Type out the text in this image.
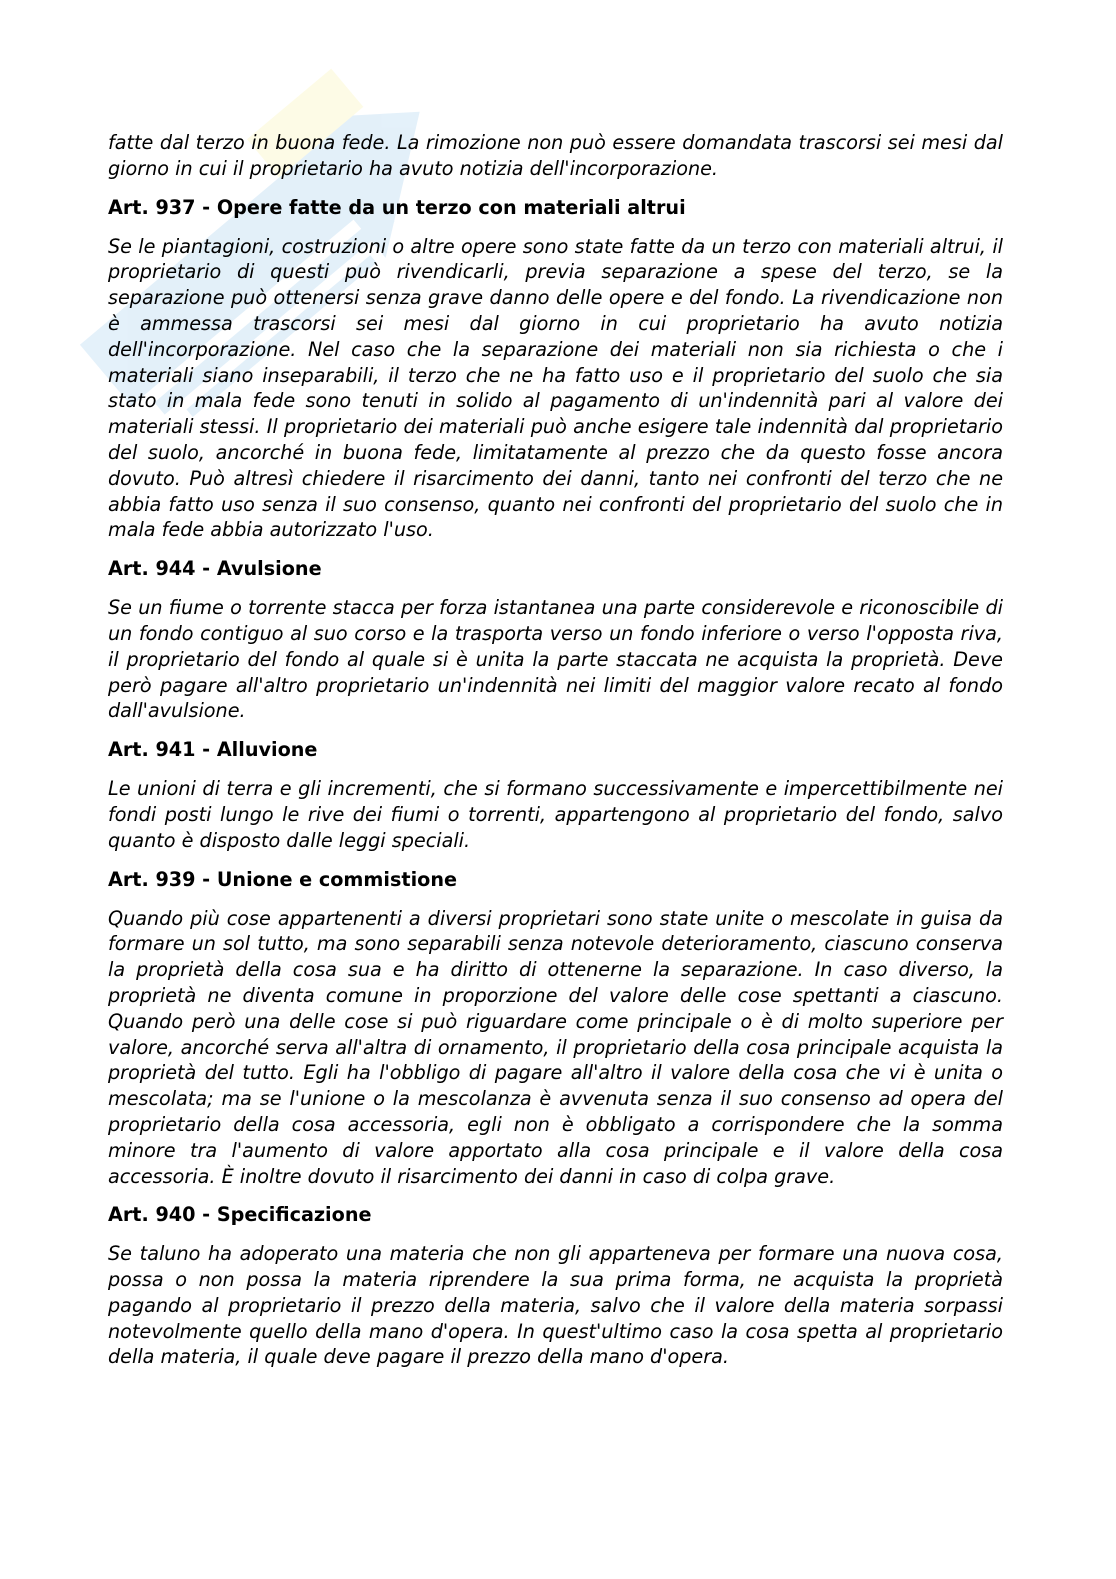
fatte dal terzo in buona fede. La rimozione non può essere domandata trascorsi sei mesi dal giorno in cui il proprietario ha avuto notizia dell'incorporazione.

Art. 937 - Opere fatte da un terzo con materiali altrui

Se le piantagioni, costruzioni o altre opere sono state fatte da un terzo con materiali altrui, il proprietario di questi può rivendicarli, previa separazione a spese del terzo, se la separazione può ottenersi senza grave danno delle opere e del fondo. La rivendicazione non è ammessa trascorsi sei mesi dal giorno in cui proprietario ha avuto notizia dell'incorporazione. Nel caso che la separazione dei materiali non sia richiesta o che i materiali siano inseparabili, il terzo che ne ha fatto uso e il proprietario del suolo che sia stato in mala fede sono tenuti in solido al pagamento di un'indennità pari al valore dei materiali stessi. Il proprietario dei materiali può anche esigere tale indennità dal proprietario del suolo, ancorché in buona fede, limitatamente al prezzo che da questo fosse ancora dovuto. Può altresì chiedere il risarcimento dei danni, tanto nei confronti del terzo che ne abbia fatto uso senza il suo consenso, quanto nei confronti del proprietario del suolo che in mala fede abbia autorizzato l'uso.

Art. 944 - Avulsione

Se un fiume o torrente stacca per forza istantanea una parte considerevole e riconoscibile di un fondo contiguo al suo corso e la trasporta verso un fondo inferiore o verso l'opposta riva, il proprietario del fondo al quale si è unita la parte staccata ne acquista la proprietà. Deve però pagare all'altro proprietario un'indennità nei limiti del maggior valore recato al fondo dall'avulsione.

Art. 941 - Alluvione

Le unioni di terra e gli incrementi, che si formano successivamente e impercettibilmente nei fondi posti lungo le rive dei fiumi o torrenti, appartengono al proprietario del fondo, salvo quanto è disposto dalle leggi speciali.

Art. 939 - Unione e commistione

Quando più cose appartenenti a diversi proprietari sono state unite o mescolate in guisa da formare un sol tutto, ma sono separabili senza notevole deterioramento, ciascuno conserva la proprietà della cosa sua e ha diritto di ottenerne la separazione. In caso diverso, la proprietà ne diventa comune in proporzione del valore delle cose spettanti a ciascuno. Quando però una delle cose si può riguardare come principale o è di molto superiore per valore, ancorché serva all'altra di ornamento, il proprietario della cosa principale acquista la proprietà del tutto. Egli ha l'obbligo di pagare all'altro il valore della cosa che vi è unita o mescolata; ma se l'unione o la mescolanza è avvenuta senza il suo consenso ad opera del proprietario della cosa accessoria, egli non è obbligato a corrispondere che la somma minore tra l'aumento di valore apportato alla cosa principale e il valore della cosa accessoria. È inoltre dovuto il risarcimento dei danni in caso di colpa grave.

Art. 940 - Specificazione

Se taluno ha adoperato una materia che non gli apparteneva per formare una nuova cosa, possa o non possa la materia riprendere la sua prima forma, ne acquista la proprietà pagando al proprietario il prezzo della materia, salvo che il valore della materia sorpassi notevolmente quello della mano d'opera. In quest'ultimo caso la cosa spetta al proprietario della materia, il quale deve pagare il prezzo della mano d'opera.
